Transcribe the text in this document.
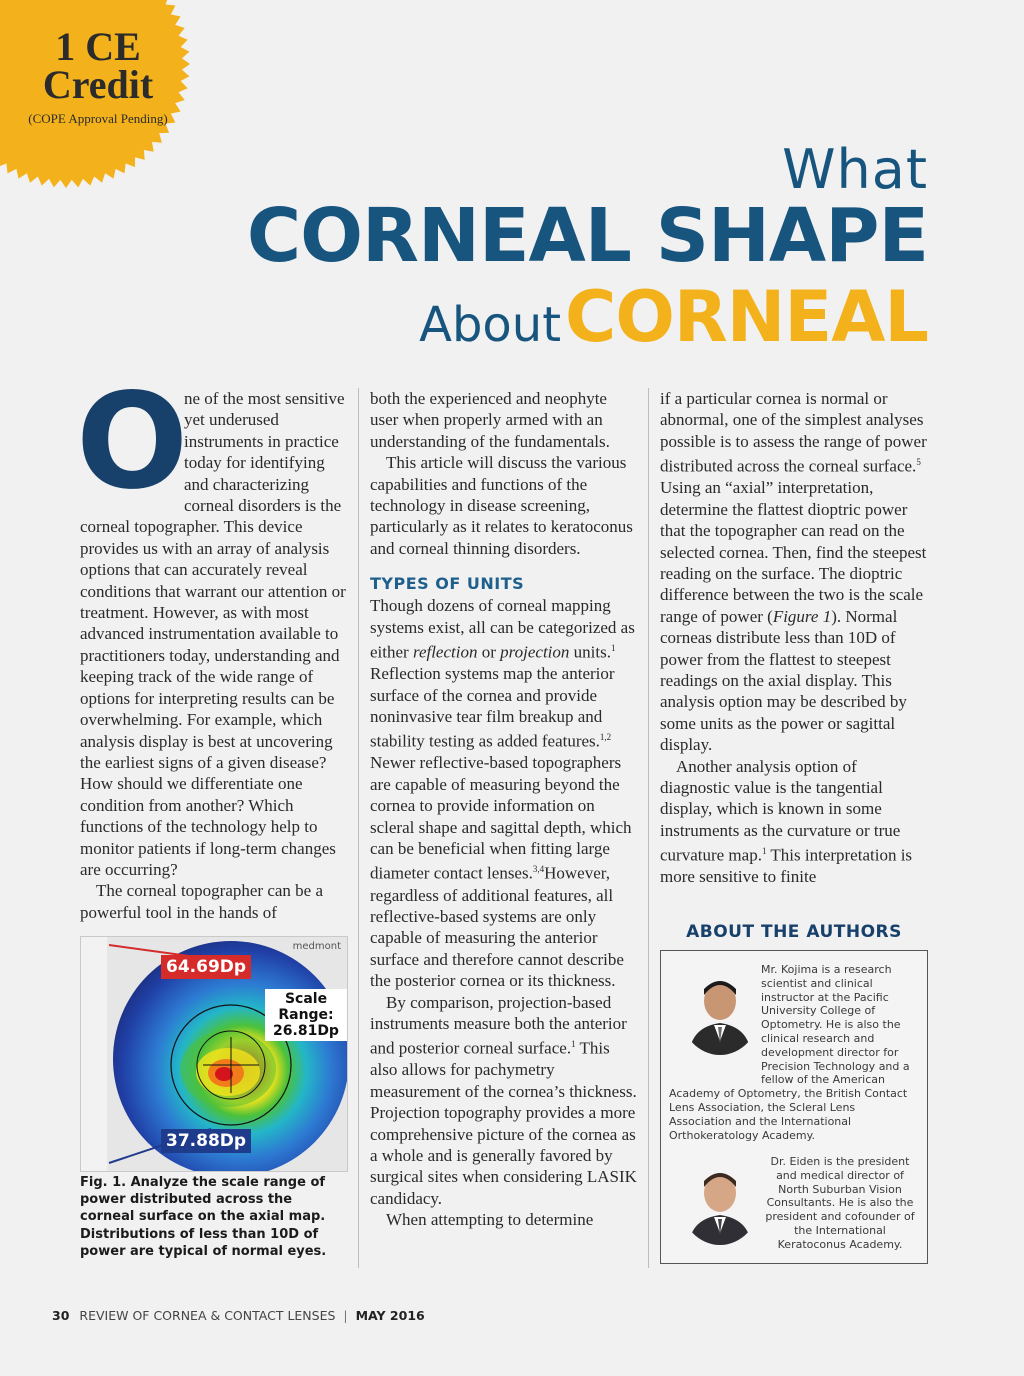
1 CE
Credit
(COPE Approval Pending)
What
CORNEAL SHAPE
About CORNEAL

O
ne of the most sensitive yet underused instruments in practice today for identifying and characterizing corneal disorders is the corneal topographer. This device provides us with an array of analysis options that can accurately reveal conditions that warrant our attention or treatment. However, as with most advanced instrumentation available to practitioners today, understanding and keeping track of the wide range of options for interpreting results can be overwhelming. For example, which analysis display is best at uncovering the earliest signs of a given disease? How should we differentiate one condition from another? Which functions of the technology help to monitor patients if long-term changes are occurring?

The corneal topographer can be a powerful tool in the hands of

medmont
64.69Dp
37.88Dp
Scale
Range:
26.81Dp
Fig. 1. Analyze the scale range of power distributed across the corneal surface on the axial map. Distributions of less than 10D of power are typical of normal eyes.

both the experienced and neophyte user when properly armed with an understanding of the fundamentals.

This article will discuss the various capabilities and functions of the technology in disease screening, particularly as it relates to keratoconus and corneal thinning disorders.

TYPES OF UNITS

Though dozens of corneal mapping systems exist, all can be categorized as either reflection or projection units.$^1$ Reflection systems map the anterior surface of the cornea and provide noninvasive tear film breakup and stability testing as added features.$^{1,2}$ Newer reflective-based topographers are capable of measuring beyond the cornea to provide information on scleral shape and sagittal depth, which can be beneficial when fitting large diameter contact lenses.$^{3,4}$However, regardless of additional features, all reflective-based systems are only capable of measuring the anterior surface and therefore cannot describe the posterior cornea or its thickness.

By comparison, projection-based instruments measure both the anterior and posterior corneal surface.$^1$ This also allows for pachymetry measurement of the cornea’s thickness. Projection topography provides a more comprehensive picture of the cornea as a whole and is generally favored by surgical sites when considering LASIK candidacy.

When attempting to determine

if a particular cornea is normal or abnormal, one of the simplest analyses possible is to assess the range of power distributed across the corneal surface.$^5$ Using an “axial” interpretation, determine the flattest dioptric power that the topographer can read on the selected cornea. Then, find the steepest reading on the surface. The dioptric difference between the two is the scale range of power (Figure 1). Normal corneas distribute less than 10D of power from the flattest to steepest readings on the axial display. This analysis option may be described by some units as the power or sagittal display.

Another analysis option of diagnostic value is the tangential display, which is known in some instruments as the curvature or true curvature map.$^1$ This interpretation is more sensitive to finite

ABOUT THE AUTHORS
Mr. Kojima is a research scientist and clinical instructor at the Pacific University College of Optometry. He is also the clinical research and development director for Precision Technology and a fellow of the American Academy of Optometry, the British Contact Lens Association, the Scleral Lens Association and the International Orthokeratology Academy.
Dr. Eiden is the president and medical director of North Suburban Vision Consultants. He is also the president and cofounder of the International Keratoconus Academy.
30 REVIEW OF CORNEA & CONTACT LENSES | MAY 2016
